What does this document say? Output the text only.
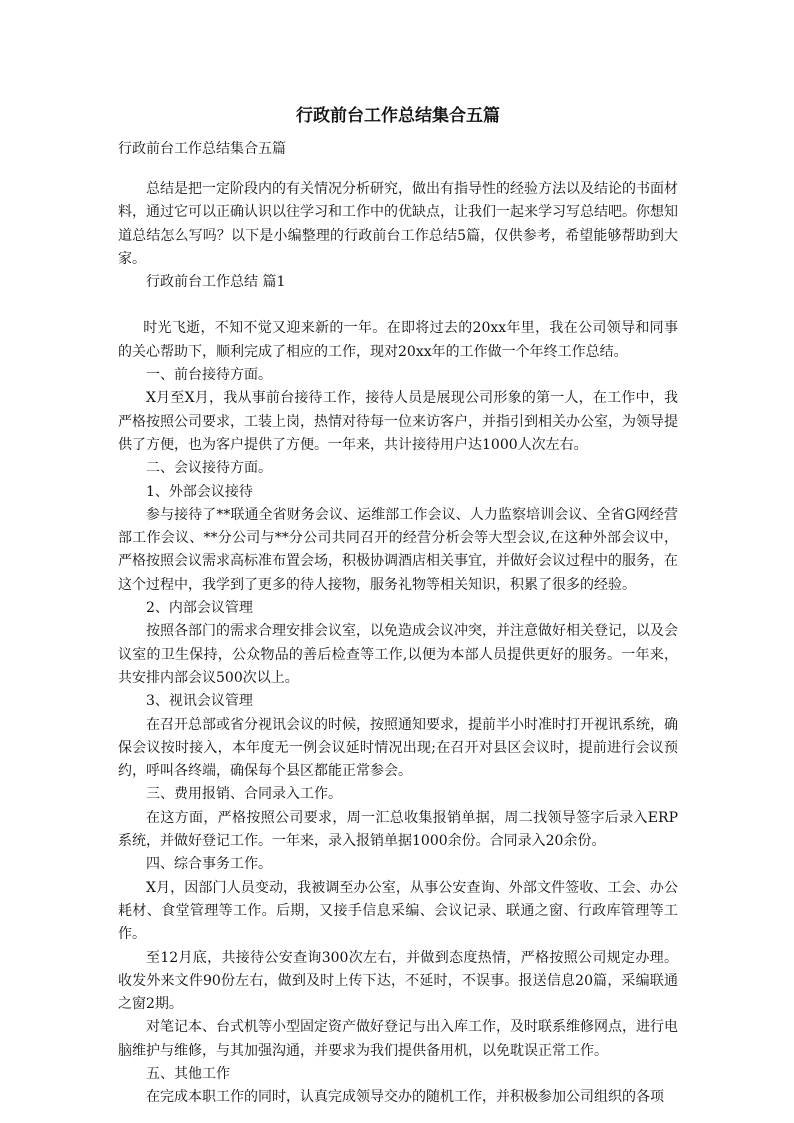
行政前台工作总结集合五篇

行政前台工作总结集合五篇

总结是把一定阶段内的有关情况分析研究，做出有指导性的经验方法以及结论的书面材料，通过它可以正确认识以往学习和工作中的优缺点，让我们一起来学习写总结吧。你想知道总结怎么写吗？以下是小编整理的行政前台工作总结5篇，仅供参考，希望能够帮助到大家。

行政前台工作总结 篇1

时光飞逝，不知不觉又迎来新的一年。在即将过去的20xx年里，我在公司领导和同事的关心帮助下，顺利完成了相应的工作，现对20xx年的工作做一个年终工作总结。

一、前台接待方面。

X月至X月，我从事前台接待工作，接待人员是展现公司形象的第一人，在工作中，我严格按照公司要求，工装上岗，热情对待每一位来访客户，并指引到相关办公室，为领导提供了方便，也为客户提供了方便。一年来，共计接待用户达1000人次左右。

二、会议接待方面。

1、外部会议接待

参与接待了**联通全省财务会议、运维部工作会议、人力监察培训会议、全省G网经营部工作会议、**分公司与**分公司共同召开的经营分析会等大型会议,在这种外部会议中，严格按照会议需求高标准布置会场，积极协调酒店相关事宜，并做好会议过程中的服务，在这个过程中，我学到了更多的待人接物，服务礼物等相关知识，积累了很多的经验。

2、内部会议管理

按照各部门的需求合理安排会议室，以免造成会议冲突，并注意做好相关登记，以及会议室的卫生保持，公众物品的善后检查等工作,以便为本部人员提供更好的服务。一年来，共安排内部会议500次以上。

3、视讯会议管理

在召开总部或省分视讯会议的时候，按照通知要求，提前半小时准时打开视讯系统，确保会议按时接入，本年度无一例会议延时情况出现;在召开对县区会议时，提前进行会议预约，呼叫各终端，确保每个县区都能正常参会。

三、费用报销、合同录入工作。

在这方面，严格按照公司要求，周一汇总收集报销单据，周二找领导签字后录入ERP系统，并做好登记工作。一年来，录入报销单据1000余份。合同录入20余份。

四、综合事务工作。

X月，因部门人员变动，我被调至办公室，从事公安查询、外部文件签收、工会、办公耗材、食堂管理等工作。后期，又接手信息采编、会议记录、联通之窗、行政库管理等工作。

至12月底，共接待公安查询300次左右，并做到态度热情，严格按照公司规定办理。收发外来文件90份左右，做到及时上传下达，不延时，不误事。报送信息20篇，采编联通之窗2期。

对笔记本、台式机等小型固定资产做好登记与出入库工作，及时联系维修网点，进行电脑维护与维修，与其加强沟通，并要求为我们提供备用机，以免耽误正常工作。

五、其他工作

在完成本职工作的同时，认真完成领导交办的随机工作，并积极参加公司组织的各项
